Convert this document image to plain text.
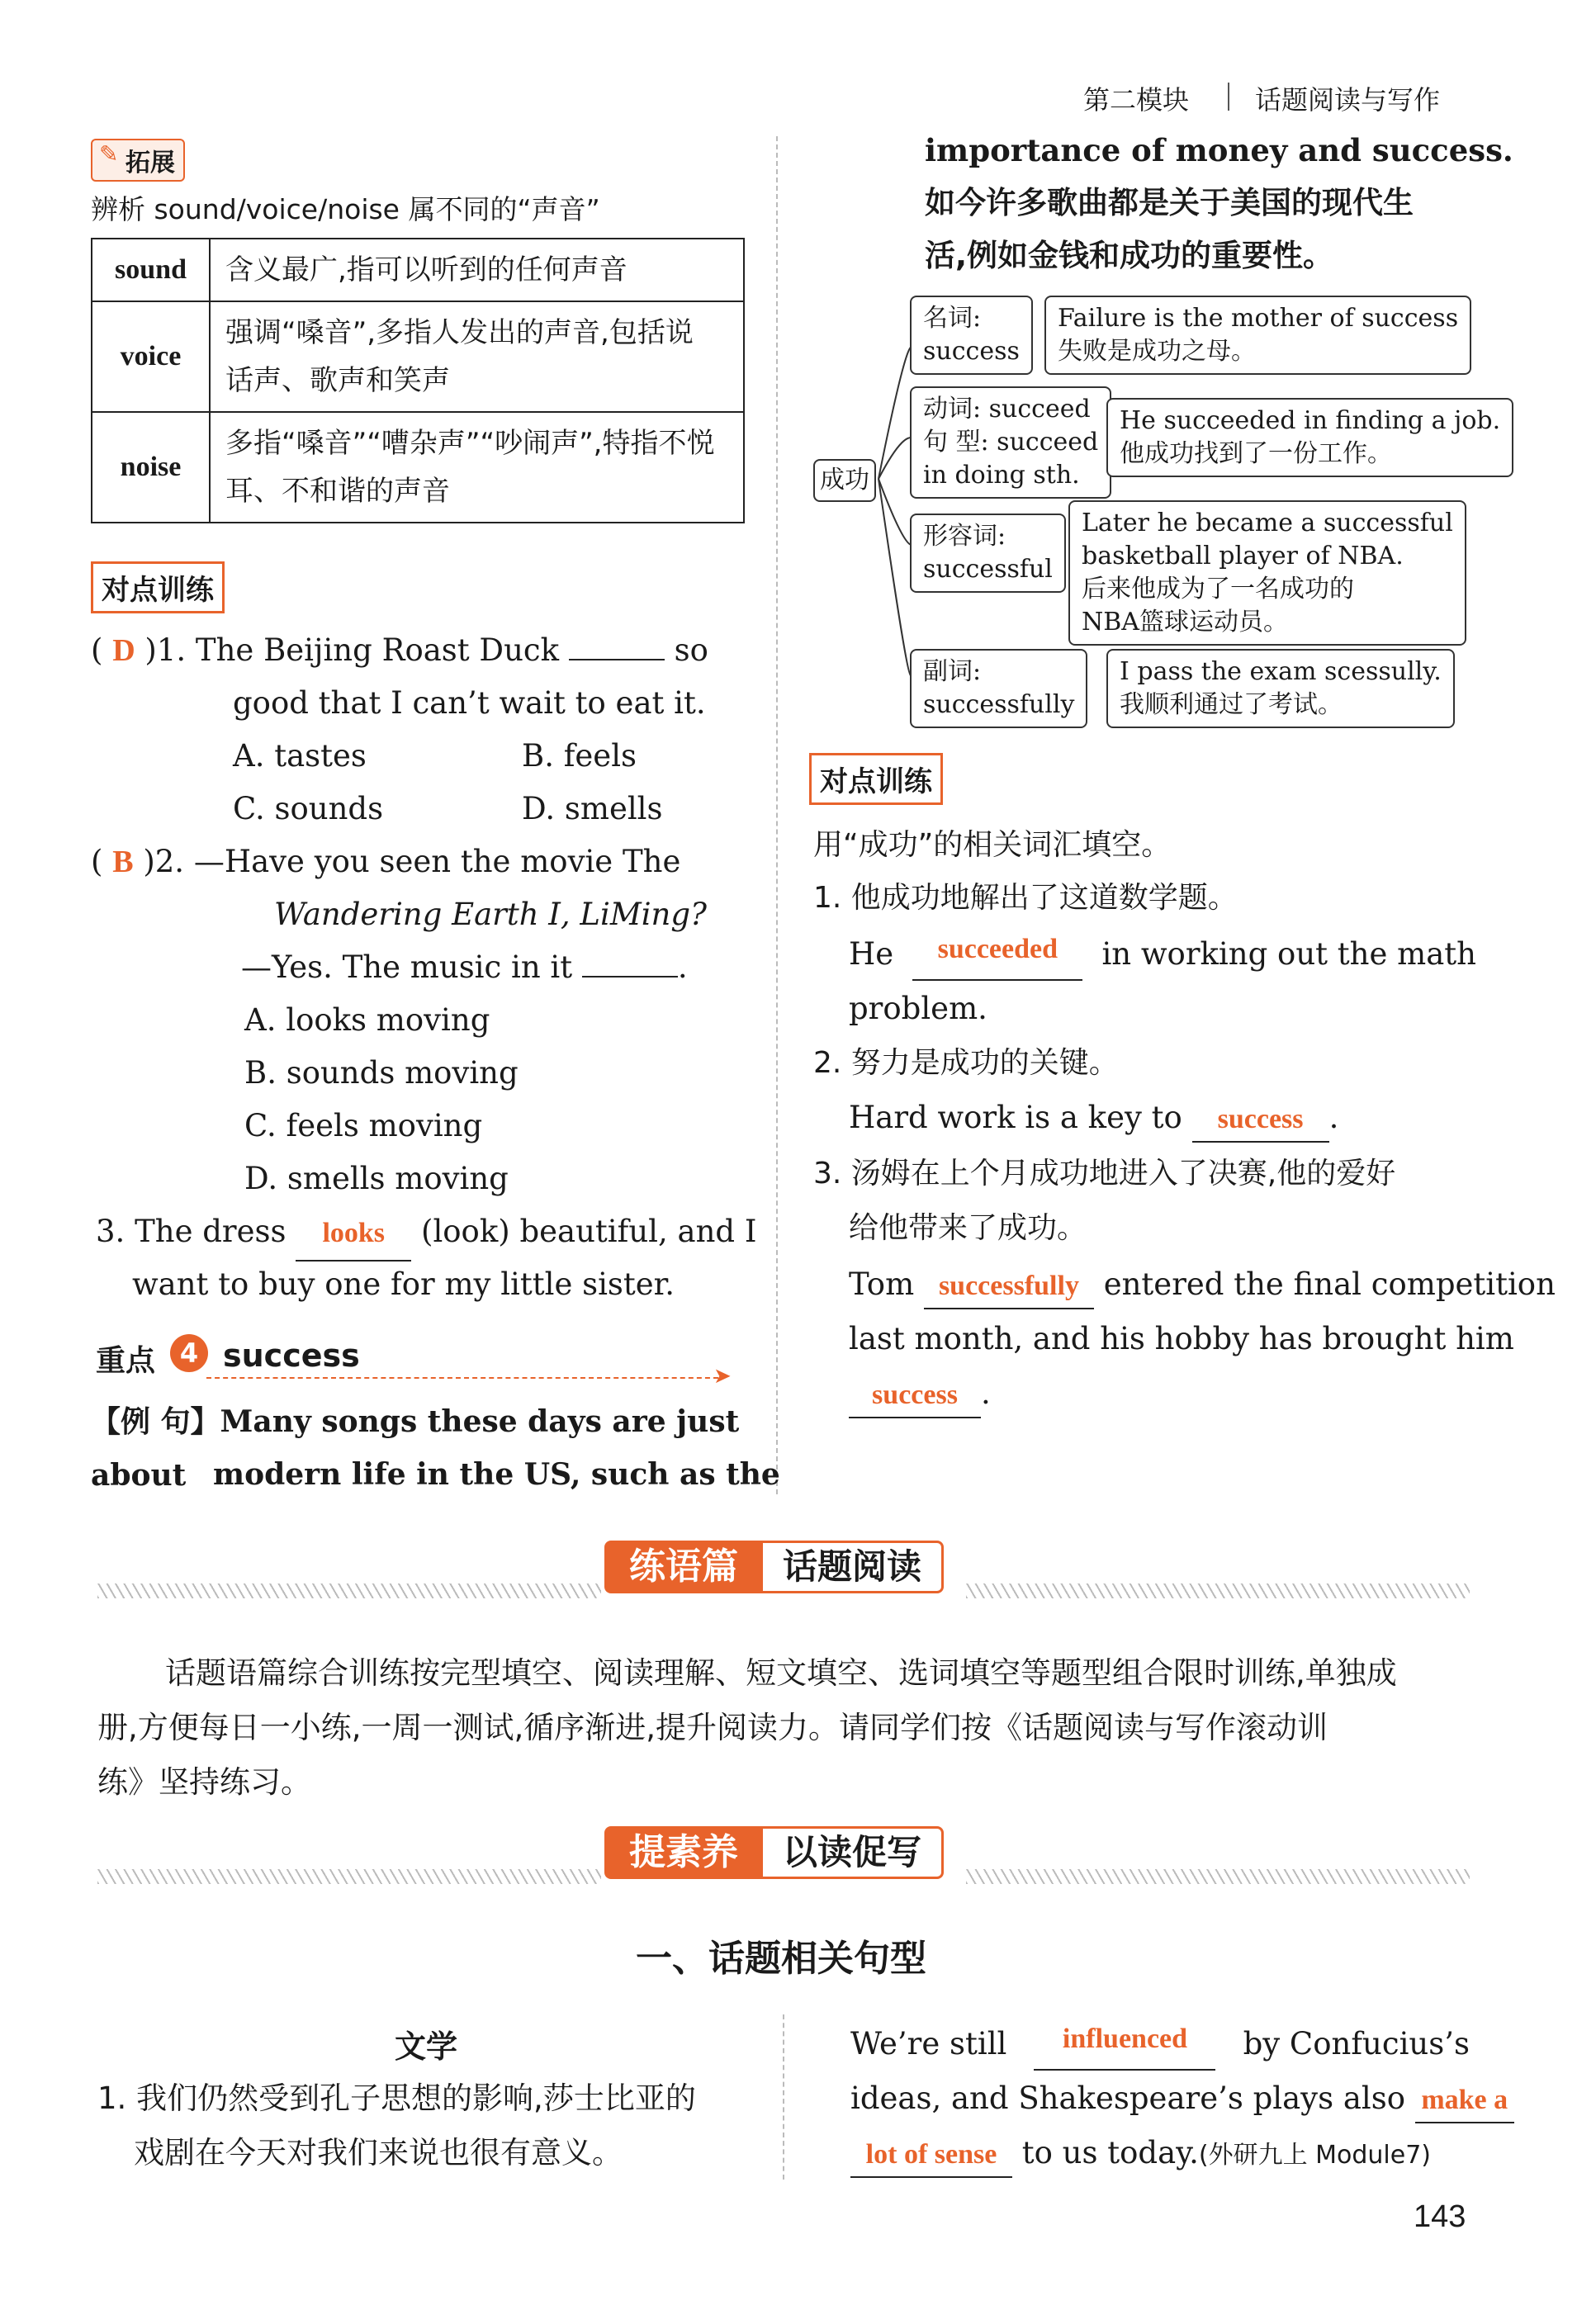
第二模块 话题阅读与写作
✎ 拓展
辨析 sound/voice/noise 属不同的“声音”
sound	含义最广,指可以听到的任何声音
voice	强调“嗓音”,多指人发出的声音,包括说
话声、歌声和笑声
noise	多指“嗓音”“嘈杂声”“吵闹声”,特指不悦
耳、不和谐的声音
对点训练
( D )1. The Beijing Roast Duck	so
good that I can’t wait to eat it.
A. tastes	B. feels
C. sounds	D. smells
( B )2. —Have you seen the movie The
Wandering Earth I, LiMing?
—Yes. The music in it	.
A. looks moving
B. sounds moving
C. feels moving
D. smells moving
3. The dress looks (look) beautiful, and I
want to buy one for my little sister.
重点 4 success
➤
【例 句】Many songs these days are just about modern life in the US, such as the
importance of money and success.
如今许多歌曲都是关于美国的现代生
活,例如金钱和成功的重要性。
成功
名词:
success
Failure is the mother of success
失败是成功之母。
动词: succeed
句 型: succeed
in doing sth.
He succeeded in finding a job.
他成功找到了一份工作。
形容词:
successful
Later he became a successful
basketball player of NBA.
后来他成为了一名成功的
NBA篮球运动员。
副词:
successfully
I pass the exam scessully.
我顺利通过了考试。
对点训练
用“成功”的相关词汇填空。
1. 他成功地解出了这道数学题。
He	succeeded	in working out the math
problem.
2. 努力是成功的关键。
Hard work is a key to success .
3. 汤姆在上个月成功地进入了决赛,他的爱好
给他带来了成功。
Tom successfully entered the final competition
last month, and his hobby has brought him
success .
练语篇	话题阅读
话题语篇综合训练按完型填空、阅读理解、短文填空、选词填空等题型组合限时训练,单独成
册,方便每日一小练,一周一测试,循序渐进,提升阅读力。请同学们按《话题阅读与写作滚动训
练》坚持练习。
提素养	以读促写
一、话题相关句型
文学
1. 我们仍然受到孔子思想的影响,莎士比亚的
戏剧在今天对我们来说也很有意义。
We’re still	influenced	by Confucius’s
ideas, and Shakespeare’s plays also make a
lot of sense to us today.(外研九上 Module7)
143
